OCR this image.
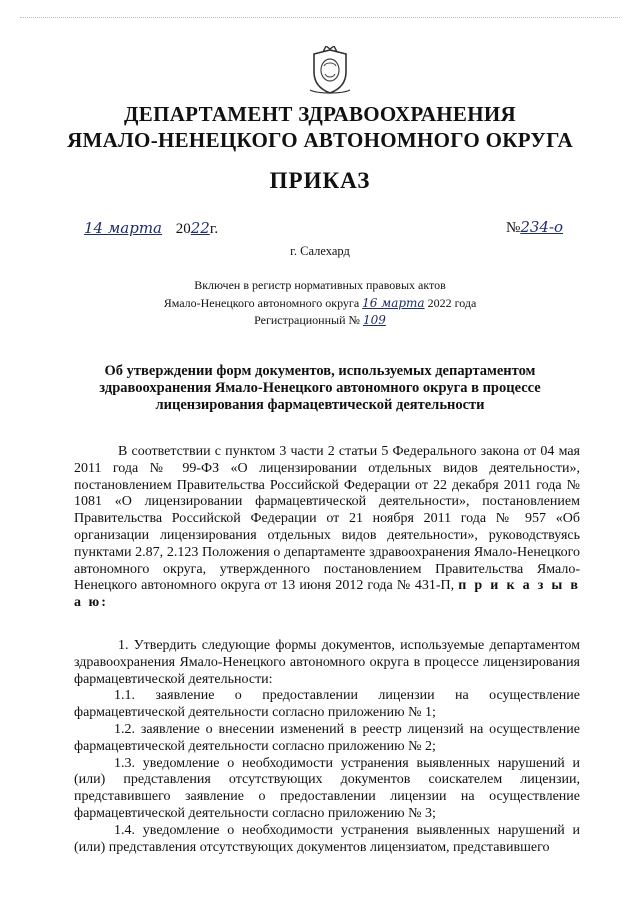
ДЕПАРТАМЕНТ ЗДРАВООХРАНЕНИЯ
ЯМАЛО-НЕНЕЦКОГО АВТОНОМНОГО ОКРУГА
ПРИКАЗ
14 марта 2022г.	№234-о
г. Салехард
Включен в регистр нормативных правовых актов
Ямало-Ненецкого автономного округа 16 марта 2022 года
Регистрационный № 109
Об утверждении форм документов, используемых департаментом здравоохранения Ямало-Ненецкого автономного округа в процессе лицензирования фармацевтической деятельности

В соответствии с пунктом 3 части 2 статьи 5 Федерального закона от 04 мая 2011 года № 99-ФЗ «О лицензировании отдельных видов деятельности», постановлением Правительства Российской Федерации от 22 декабря 2011 года № 1081 «О лицензировании фармацевтической деятельности», постановлением Правительства Российской Федерации от 21 ноября 2011 года № 957 «Об организации лицензирования отдельных видов деятельности», руководствуясь пунктами 2.87, 2.123 Положения о департаменте здравоохранения Ямало-Ненецкого автономного округа, утвержденного постановлением Правительства Ямало-Ненецкого автономного округа от 13 июня 2012 года № 431-П, п р и к а з ы в а ю:

1. Утвердить следующие формы документов, используемые департаментом здравоохранения Ямало-Ненецкого автономного округа в процессе лицензирования фармацевтической деятельности:

1.1. заявление о предоставлении лицензии на осуществление фармацевтической деятельности согласно приложению № 1;

1.2. заявление о внесении изменений в реестр лицензий на осуществление фармацевтической деятельности согласно приложению № 2;

1.3. уведомление о необходимости устранения выявленных нарушений и (или) представления отсутствующих документов соискателем лицензии, представившего заявление о предоставлении лицензии на осуществление фармацевтической деятельности согласно приложению № 3;

1.4. уведомление о необходимости устранения выявленных нарушений и (или) представления отсутствующих документов лицензиатом, представившего
